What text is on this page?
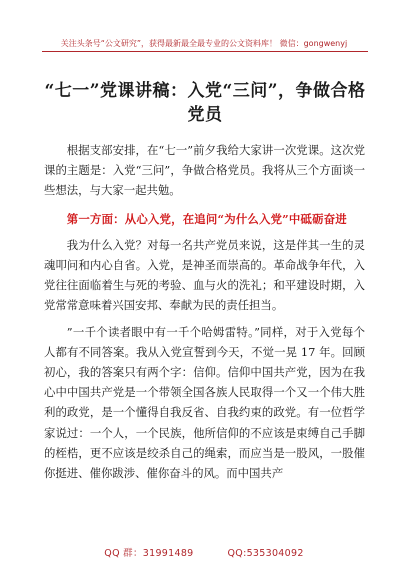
关注头条号“公文研究”，获得最新最全最专业的公文资料库！ 微信：gongwenyj
“七一”党课讲稿：入党“三问”，争做合格
党员

根据支部安排，在“七一”前夕我给大家讲一次党课。这次党课的主题是：入党“三问”，争做合格党员。我将从三个方面谈一些想法，与大家一起共勉。

第一方面：从心入党，在追问“为什么入党”中砥砺奋进

我为什么入党？对每一名共产党员来说，这是伴其一生的灵魂叩问和内心自省。入党，是神圣而崇高的。革命战争年代，入党往往面临着生与死的考验、血与火的洗礼；和平建设时期，入党常常意味着兴国安邦、奉献为民的责任担当。

”一千个读者眼中有一千个哈姆雷特。”同样，对于入党每个人都有不同答案。我从入党宣誓到今天，不觉一晃 17 年。回顾初心，我的答案只有两个字：信仰。信仰中国共产党，因为在我心中中国共产党是一个带领全国各族人民取得一个又一个伟大胜利的政党，是一个懂得自我反省、自我约束的政党。有一位哲学家说过：一个人，一个民族，他所信仰的不应该是束缚自己手脚的桎梏，更不应该是绞杀自己的绳索，而应当是一股风，一股催你挺进、催你跋涉、催你奋斗的风。而中国共产

QQ 群：31991489	QQ:535304092
